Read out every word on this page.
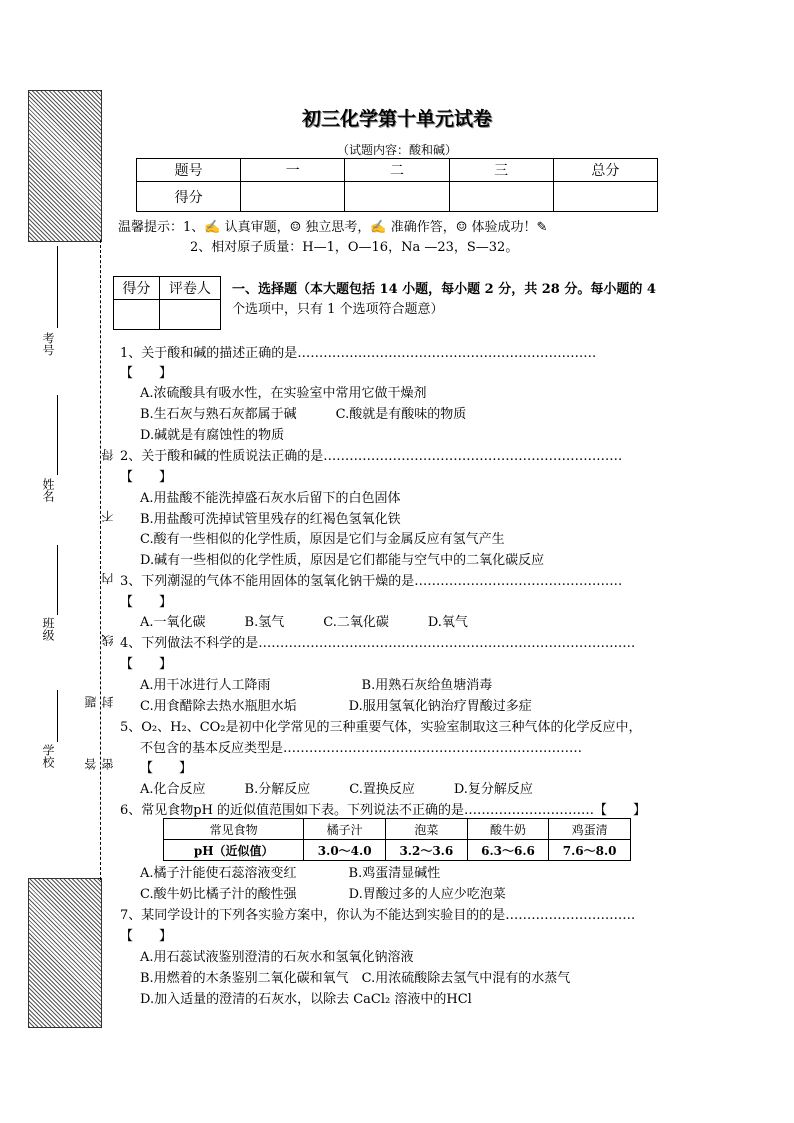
考号
姓名
班级
学校	密 封 线 内 不 得 答 题
初三化学第十单元试卷
（试题内容：酸和碱）
题号	一	二	三	总分
得分				
温馨提示：1、✍ 认真审题，☺ 独立思考，✍ 准确作答，☺ 体验成功！✎
2、相对原子质量：H—1，O—16，Na —23，S—32。
得分	评卷人
	一、选择题（本大题包括 14 小题，每小题 2 分，共 28 分。每小题的 4
个选项中，只有 1 个选项符合题意）
1、关于酸和碱的描述正确的是……………………………………………………………
【　　】
A.浓硫酸具有吸水性，在实验室中常用它做干燥剂
B.生石灰与熟石灰都属于碱　　　C.酸就是有酸味的物质
D.碱就是有腐蚀性的物质
2、关于酸和碱的性质说法正确的是……………………………………………………………
【　　】
A.用盐酸不能洗掉盛石灰水后留下的白色固体
B.用盐酸可洗掉试管里残存的红褐色氢氧化铁
C.酸有一些相似的化学性质，原因是它们与金属反应有氢气产生
D.碱有一些相似的化学性质，原因是它们都能与空气中的二氧化碳反应
3、下列潮湿的气体不能用固体的氢氧化钠干燥的是…………………………………………
【　　】
A.一氧化碳　　　B.氢气　　　C.二氧化碳　　　D.氧气
4、下列做法不科学的是……………………………………………………………………………
【　　】
A.用干冰进行人工降雨　　　　　　　B.用熟石灰给鱼塘消毒
C.用食醋除去热水瓶胆水垢　　　　D.服用氢氧化钠治疗胃酸过多症
5、O₂、H₂、CO₂是初中化学常见的三种重要气体，实验室制取这三种气体的化学反应中，
不包含的基本反应类型是……………………………………………………………
【　　】
A.化合反应　　　B.分解反应　　　C.置换反应　　　D.复分解反应
6、常见食物pH 的近似值范围如下表。下列说法不正确的是…………………………【　　】
常见食物	橘子汁	泡菜	酸牛奶	鸡蛋清
pH（近似值）	3.0～4.0	3.2～3.6	6.3～6.6	7.6～8.0
A.橘子汁能使石蕊溶液变红　　　　B.鸡蛋清显碱性
C.酸牛奶比橘子汁的酸性强　　　　D.胃酸过多的人应少吃泡菜
7、某同学设计的下列各实验方案中，你认为不能达到实验目的的是…………………………
【　　】
A.用石蕊试液鉴别澄清的石灰水和氢氧化钠溶液
B.用燃着的木条鉴别二氧化碳和氧气　C.用浓硫酸除去氢气中混有的水蒸气
D.加入适量的澄清的石灰水，以除去 CaCl₂ 溶液中的HCl
